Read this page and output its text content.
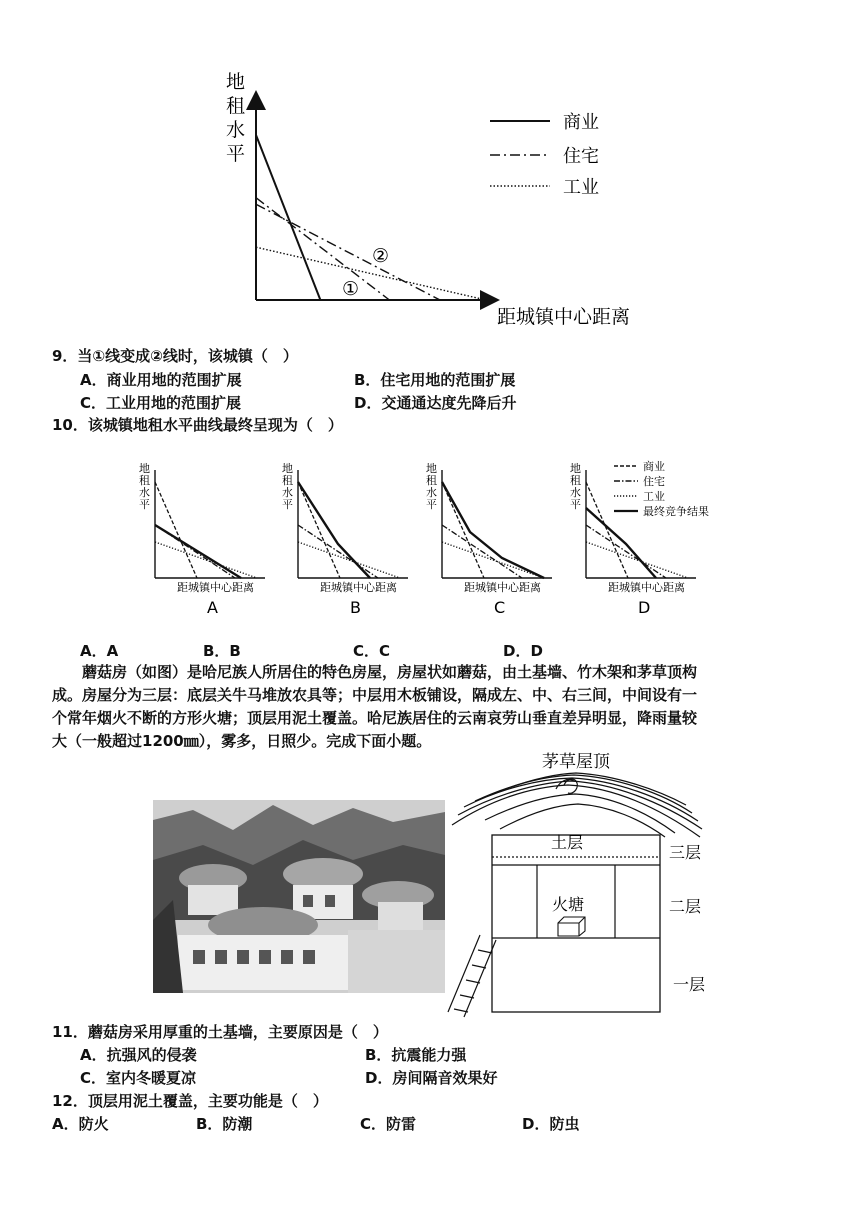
地
租
水
平
距城镇中心距离
②
①
商业
住宅
工业
9．当①线变成②线时，该城镇（　）
A．商业用地的范围扩展	B．住宅用地的范围扩展
C．工业用地的范围扩展	D．交通通达度先降后升
10．该城镇地租水平曲线最终呈现为（　）
地
租
水
平
距城镇中心距离
A
地
租
水
平
距城镇中心距离
B
地
租
水
平
距城镇中心距离
C
地
租
水
平
距城镇中心距离
D
商业
住宅
工业
最终竞争结果
A．A	B．B	C．C	D．D

蘑菇房（如图）是哈尼族人所居住的特色房屋，房屋状如蘑菇，由土基墙、竹木架和茅草顶构

成。房屋分为三层：底层关牛马堆放农具等；中层用木板铺设，隔成左、中、右三间，中间设有一

个常年烟火不断的方形火塘；顶层用泥土覆盖。哈尼族居住的云南哀劳山垂直差异明显，降雨量较

大（一般超过1200㎜），雾多，日照少。完成下面小题。

茅草屋顶
土层
火塘
三层
二层
一层
11．蘑菇房采用厚重的土基墙，主要原因是（　）
A．抗强风的侵袭	B．抗震能力强
C．室内冬暖夏凉	D．房间隔音效果好
12．顶层用泥土覆盖，主要功能是（　）
A．防火	B．防潮	C．防雷	D．防虫
